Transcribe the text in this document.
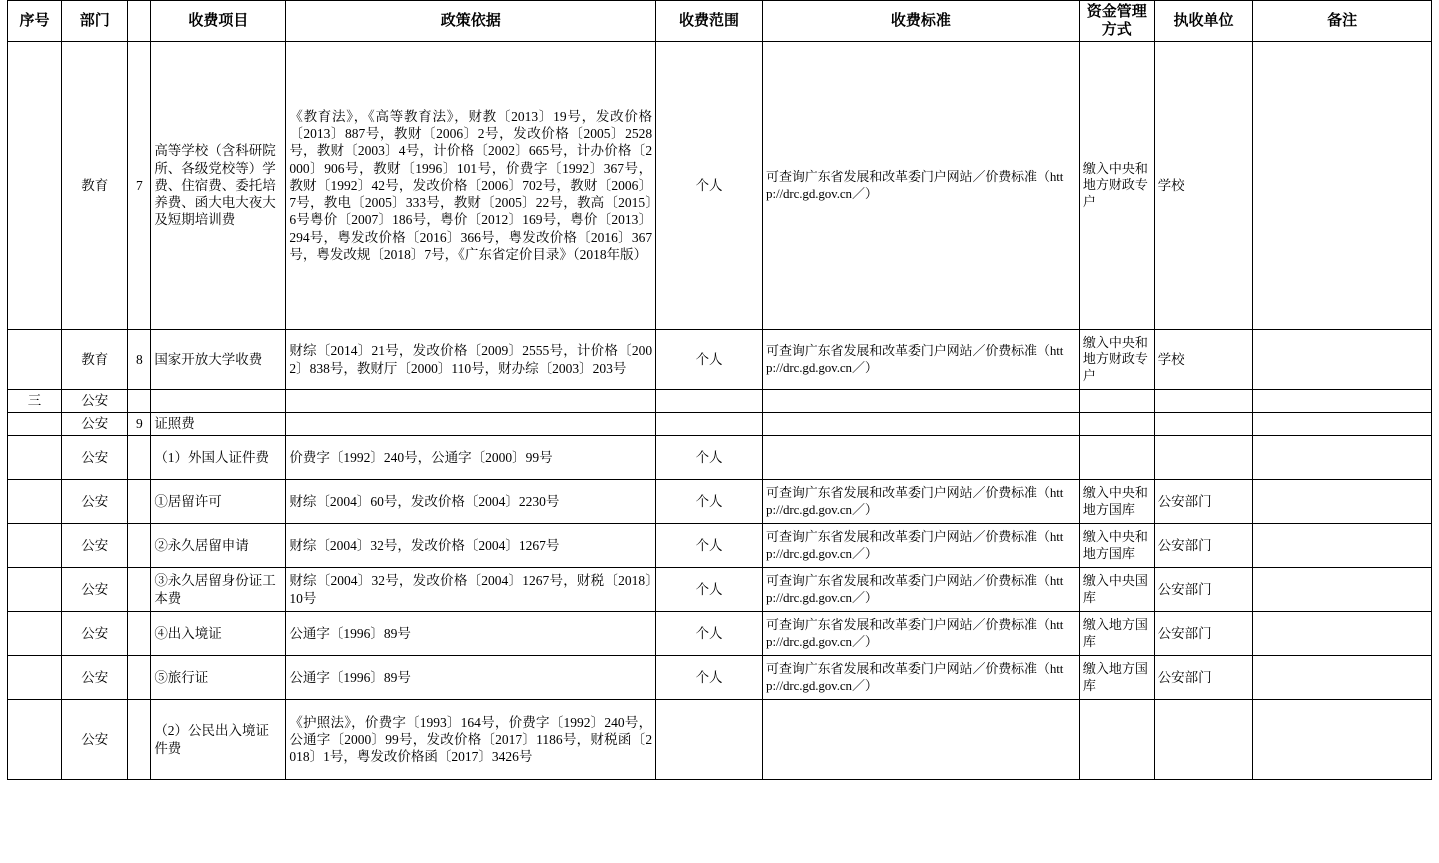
序号	部门		收费项目	政策依据	收费范围	收费标准	资金管理方式	执收单位	备注
	教育	7	高等学校（含科研院所、各级党校等）学费、住宿费、委托培养费、函大电大夜大及短期培训费	《教育法》，《高等教育法》，财教〔2013〕19号，发改价格〔2013〕887号，教财〔2006〕2号，发改价格〔2005〕2528号，教财〔2003〕4号，计价格〔2002〕665号，计办价格〔2000〕906号，教财〔1996〕101号，价费字〔1992〕367号，教财〔1992〕42号，发改价格〔2006〕702号，教财〔2006〕7号，教电〔2005〕333号，教财〔2005〕22号，教高〔2015〕6号粤价〔2007〕186号，粤价〔2012〕169号，粤价〔2013〕294号，粤发改价格〔2016〕366号，粤发改价格〔2016〕367号，粤发改规〔2018〕7号，《广东省定价目录》（2018年版）	个人	可查询广东省发展和改革委门户网站／价费标准（http://drc.gd.gov.cn／）	缴入中央和地方财政专户	学校	
	教育	8	国家开放大学收费	财综〔2014〕21号，发改价格〔2009〕2555号，计价格〔2002〕838号，教财厅〔2000〕110号，财办综〔2003〕203号	个人	可查询广东省发展和改革委门户网站／价费标准（http://drc.gd.gov.cn／）	缴入中央和地方财政专户	学校	
三	公安								
	公安	9	证照费						
	公安		（1）外国人证件费	价费字〔1992〕240号，公通字〔2000〕99号	个人				
	公安		①居留许可	财综〔2004〕60号，发改价格〔2004〕2230号	个人	可查询广东省发展和改革委门户网站／价费标准（http://drc.gd.gov.cn／）	缴入中央和地方国库	公安部门	
	公安		②永久居留申请	财综〔2004〕32号，发改价格〔2004〕1267号	个人	可查询广东省发展和改革委门户网站／价费标准（http://drc.gd.gov.cn／）	缴入中央和地方国库	公安部门	
	公安		③永久居留身份证工本费	财综〔2004〕32号，发改价格〔2004〕1267号，财税〔2018〕10号	个人	可查询广东省发展和改革委门户网站／价费标准（http://drc.gd.gov.cn／）	缴入中央国库	公安部门	
	公安		④出入境证	公通字〔1996〕89号	个人	可查询广东省发展和改革委门户网站／价费标准（http://drc.gd.gov.cn／）	缴入地方国库	公安部门	
	公安		⑤旅行证	公通字〔1996〕89号	个人	可查询广东省发展和改革委门户网站／价费标准（http://drc.gd.gov.cn／）	缴入地方国库	公安部门	
	公安		（2）公民出入境证件费	《护照法》，价费字〔1993〕164号，价费字〔1992〕240号，公通字〔2000〕99号，发改价格〔2017〕1186号，财税函〔2018〕1号，粤发改价格函〔2017〕3426号					
